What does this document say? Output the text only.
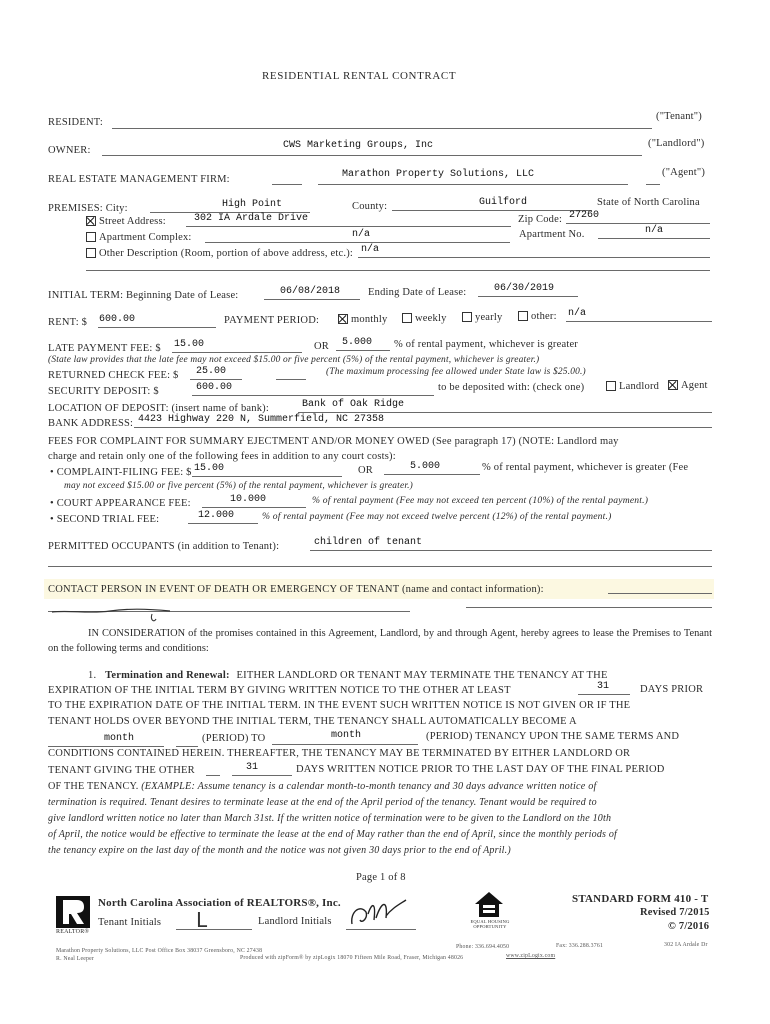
RESIDENTIAL RENTAL CONTRACT
RESIDENT:
("Tenant")
OWNER:	CWS Marketing Groups, Inc	("Landlord")
REAL ESTATE MANAGEMENT FIRM:	Marathon Property Solutions, LLC	("Agent")
PREMISES: City:	High Point	County:	Guilford	State of North Carolina
Street Address:	302 IA Ardale Drive	Zip Code: 27260
Apartment Complex:	n/a	Apartment No.	n/a
Other Description (Room, portion of above address, etc.): n/a
INITIAL TERM: Beginning Date of Lease:	06/08/2018	Ending Date of Lease:	06/30/2019
RENT: $ 600.00	PAYMENT PERIOD:	monthly	weekly	yearly	other: n/a
LATE PAYMENT FEE: $ 15.00	OR 5.000 % of rental payment, whichever is greater
(State law provides that the late fee may not exceed $15.00 or five percent (5%) of the rental payment, whichever is greater.)
RETURNED CHECK FEE: $ 25.00	(The maximum processing fee allowed under State law is $25.00.)
SECURITY DEPOSIT: $	600.00	to be deposited with: (check one)	Landlord	Agent
LOCATION OF DEPOSIT: (insert name of bank):	Bank of Oak Ridge
BANK ADDRESS: 4423 Highway 220 N, Summerfield, NC 27358
FEES FOR COMPLAINT FOR SUMMARY EJECTMENT AND/OR MONEY OWED (See paragraph 17) (NOTE: Landlord may
charge and retain only one of the following fees in addition to any court costs):
• COMPLAINT-FILING FEE: $ 15.00	OR	5.000	% of rental payment, whichever is greater (Fee
may not exceed $15.00 or five percent (5%) of the rental payment, whichever is greater.)
• COURT APPEARANCE FEE:	10.000	% of rental payment (Fee may not exceed ten percent (10%) of the rental payment.)
• SECOND TRIAL FEE:	12.000	% of rental payment (Fee may not exceed twelve percent (12%) of the rental payment.)
PERMITTED OCCUPANTS (in addition to Tenant):	children of tenant
CONTACT PERSON IN EVENT OF DEATH OR EMERGENCY OF TENANT (name and contact information):
IN CONSIDERATION of the promises contained in this Agreement, Landlord, by and through Agent, hereby agrees to lease the Premises to Tenant on the following terms and conditions:
1. Termination and Renewal: EITHER LANDLORD OR TENANT MAY TERMINATE THE TENANCY AT THE
EXPIRATION OF THE INITIAL TERM BY GIVING WRITTEN NOTICE TO THE OTHER AT LEAST	31	DAYS PRIOR
TO THE EXPIRATION DATE OF THE INITIAL TERM. IN THE EVENT SUCH WRITTEN NOTICE IS NOT GIVEN OR IF THE
TENANT HOLDS OVER BEYOND THE INITIAL TERM, THE TENANCY SHALL AUTOMATICALLY BECOME A
month	(PERIOD) TO	month	(PERIOD) TENANCY UPON THE SAME TERMS AND
CONDITIONS CONTAINED HEREIN. THEREAFTER, THE TENANCY MAY BE TERMINATED BY EITHER LANDLORD OR
TENANT GIVING THE OTHER	31	DAYS WRITTEN NOTICE PRIOR TO THE LAST DAY OF THE FINAL PERIOD
OF THE TENANCY. (EXAMPLE: Assume tenancy is a calendar month-to-month tenancy and 30 days advance written notice of
termination is required. Tenant desires to terminate lease at the end of the April period of the tenancy. Tenant would be required to
give landlord written notice no later than March 31st. If the written notice of termination were to be given to the Landlord on the 10th
of April, the notice would be effective to terminate the lease at the end of May rather than the end of April, since the monthly periods of
the tenancy expire on the last day of the month and the notice was not given 30 days prior to the end of April.)
Page 1 of 8
REALTOR®
North Carolina Association of REALTORS®, Inc.
Tenant Initials L	Landlord Initials	EQUAL HOUSING OPPORTUNITY
STANDARD FORM 410 - T
Revised 7/2015
© 7/2016
Marathon Property Solutions, LLC Post Office Box 38037 Greensboro, NC 27438
R. Neal Leeper
Phone: 336.694.4050	Fax: 336.288.3761	302 IA Ardale Dr
Produced with zipForm® by zipLogix 18070 Fifteen Mile Road, Fraser, Michigan 48026	www.zipLogix.com
